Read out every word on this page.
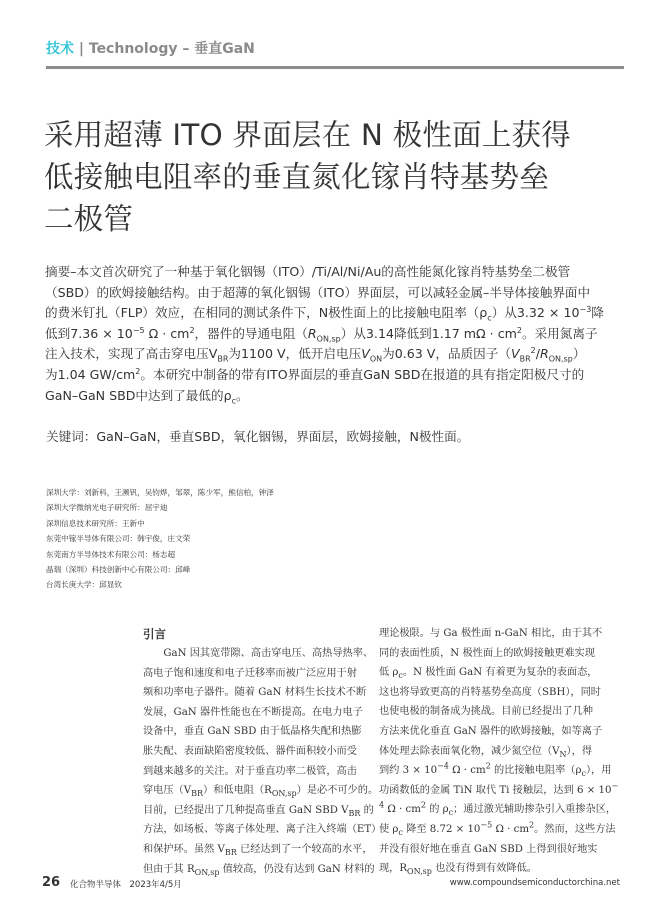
技术 | Technology – 垂直GaN
采用超薄 ITO 界面层在 N 极性面上获得
低接触电阻率的垂直氮化镓肖特基势垒
二极管
摘要–本文首次研究了一种基于氧化铟锡（ITO）/Ti/Al/Ni/Au的高性能氮化镓肖特基势垒二极管
（SBD）的欧姆接触结构。由于超薄的氧化铟锡（ITO）界面层，可以减轻金属–半导体接触界面中
的费米钉扎（FLP）效应，在相同的测试条件下，N极性面上的比接触电阻率$(\rho_c)$从$3.32 \times 10^{-3}$降
低到$7.36 \times 10^{-5}$ $\Omega \cdot cm^2$，器件的导通电阻$(R_{ON,sp})$从3.14降低到1.17 $m\Omega \cdot cm^2$。采用氮离子
注入技术，实现了高击穿电压$V_{BR}$为1100 V，低开启电压$V_{ON}$为0.63 V，品质因子$(V_{BR}^2/R_{ON,sp})$
为1.04 $GW/cm^2$。本研究中制备的带有ITO界面层的垂直GaN SBD在报道的具有指定阳极尺寸的
GaN–GaN SBD中达到了最低的$\rho_c$。
关键词：GaN–GaN，垂直SBD，氧化铟锡，界面层，欧姆接触，N极性面。
深圳大学：刘新科，王濒钒，吴钧烨，邹翠，陈少军，熊信柏，钟泽
深圳大学微纳光电子研究所：屈宇迪
深圳信息技术研究所：王新中
东莞中镓半导体有限公司：韩宇俊，庄文荣
东莞南方半导体技术有限公司：杨志超
晶瑞（深圳）科技创新中心有限公司：邱峰
台湾长庚大学：邱显钦
引言
　　GaN 因其宽带隙、高击穿电压、高热导热率、
高电子饱和速度和电子迁移率而被广泛应用于射
频和功率电子器件。随着 GaN 材料生长技术不断
发展，GaN 器件性能也在不断提高。在电力电子
设备中，垂直 GaN SBD 由于低晶格失配和热膨
胀失配、表面缺陷密度较低、器件面积较小而受
到越来越多的关注。对于垂直功率二极管，高击
穿电压$(V_{BR})$和低电阻$(R_{ON,sp})$是必不可少的。
目前，已经提出了几种提高垂直 GaN SBD $V_{BR}$ 的
方法，如场板、等离子体处理、离子注入终端（ET）
和保护环。虽然 $V_{BR}$ 已经达到了一个较高的水平，
但由于其 $R_{ON,sp}$ 值较高，仍没有达到 GaN 材料的
理论极限。与 Ga 极性面 n-GaN 相比，由于其不
同的表面性质，N 极性面上的欧姆接触更难实现
低 $\rho_c$。N 极性面 GaN 有着更为复杂的表面态，
这也将导致更高的肖特基势垒高度（SBH），同时
也使电极的制备成为挑战。目前已经提出了几种
方法来优化垂直 GaN 器件的欧姆接触，如等离子
体处理去除表面氧化物，减少氮空位$(V_N)$，得
到约 $3 \times 10^{-4}$ $\Omega \cdot cm^2$ 的比接触电阻率$(\rho_c)$，用
功函数低的金属 TiN 取代 Ti 接触层，达到 6 × 10−
$^4$ $\Omega \cdot cm^2$ 的 $\rho_c$；通过激光辅助掺杂引入重掺杂区，
使 $\rho_c$ 降至 $8.72 \times 10^{-5}$ $\Omega \cdot cm^2$。然而，这些方法
并没有很好地在垂直 GaN SBD 上得到很好地实
现，$R_{ON,sp}$ 也没有得到有效降低。
26 化合物半导体　2023年4/5月	www.compoundsemiconductorchina.net
